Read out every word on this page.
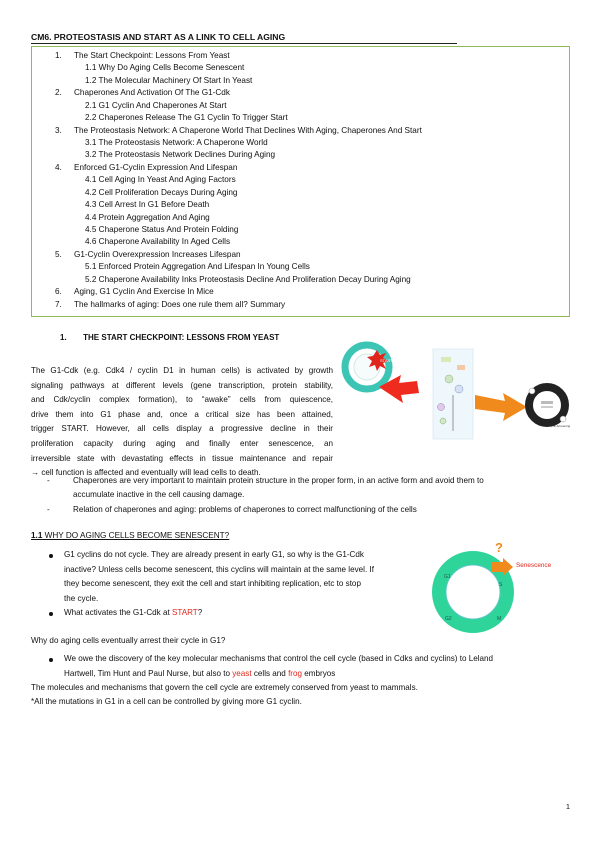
CM6. PROTEOSTASIS AND START AS A LINK TO CELL AGING
1. The Start Checkpoint: Lessons From Yeast
1.1 Why Do Aging Cells Become Senescent
1.2 The Molecular Machinery Of Start In Yeast
2. Chaperones And Activation Of The G1-Cdk
2.1 G1 Cyclin And Chaperones At Start
2.2 Chaperones Release The G1 Cyclin To Trigger Start
3. The Proteostasis Network: A Chaperone World That Declines With Aging, Chaperones And Start
3.1 The Proteostasis Network: A Chaperone World
3.2 The Proteostasis Network Declines During Aging
4. Enforced G1-Cyclin Expression And Lifespan
4.1 Cell Aging In Yeast And Aging Factors
4.2 Cell Proliferation Decays During Aging
4.3 Cell Arrest In G1 Before Death
4.4 Protein Aggregation And Aging
4.5 Chaperone Status And Protein Folding
4.6 Chaperone Availability In Aged Cells
5. G1-Cyclin Overexpression Increases Lifespan
5.1 Enforced Protein Aggregation And Lifespan In Young Cells
5.2 Chaperone Availability Inks Proteostasis Decline And Proliferation Decay During Aging
6. Aging, G1 Cyclin And Exercise In Mice
7. The hallmarks of aging: Does one rule them all? Summary
1. THE START CHECKPOINT: LESSONS FROM YEAST
The G1-Cdk (e.g. Cdk4 / cyclin D1 in human cells) is activated by growth
signaling pathways at different levels (gene transcription, protein stability,
and Cdk/cyclin complex formation), to “awake” cells from quiescence,
drive them into G1 phase and, once a critical size has been attained,
trigger START. However, all cells display a progressive decline in their
proliferation capacity during aging and finally enter senescence, an
irreversible state with devastating effects in tissue maintenance and repair
→ cell function is affected and eventually will lead cells to death.
START
Pre-Screening
-	Chaperones are very important to maintain protein structure in the proper form, in an active form and avoid them to
accumulate inactive in the cell causing damage.
-	Relation of chaperones and aging: problems of chaperones to correct malfunctioning of the cells
1.1 WHY DO AGING CELLS BECOME SENESCENT?
G1 cyclins do not cycle. They are already present in early G1, so why is the G1-Cdk
inactive? Unless cells become senescent, this cyclins will maintain at the same level. If
they become senescent, they exit the cell and start inhibiting replication, etc to stop
the cycle.
What activates the G1-Cdk at START?
G1
S
G2	M
?
Senescence
Why do aging cells eventually arrest their cycle in G1?
We owe the discovery of the key molecular mechanisms that control the cell cycle (based in Cdks and cyclins) to Leland
Hartwell, Tim Hunt and Paul Nurse, but also to yeast cells and frog embryos
The molecules and mechanisms that govern the cell cycle are extremely conserved from yeast to mammals.
*All the mutations in G1 in a cell can be controlled by giving more G1 cyclin.
1
